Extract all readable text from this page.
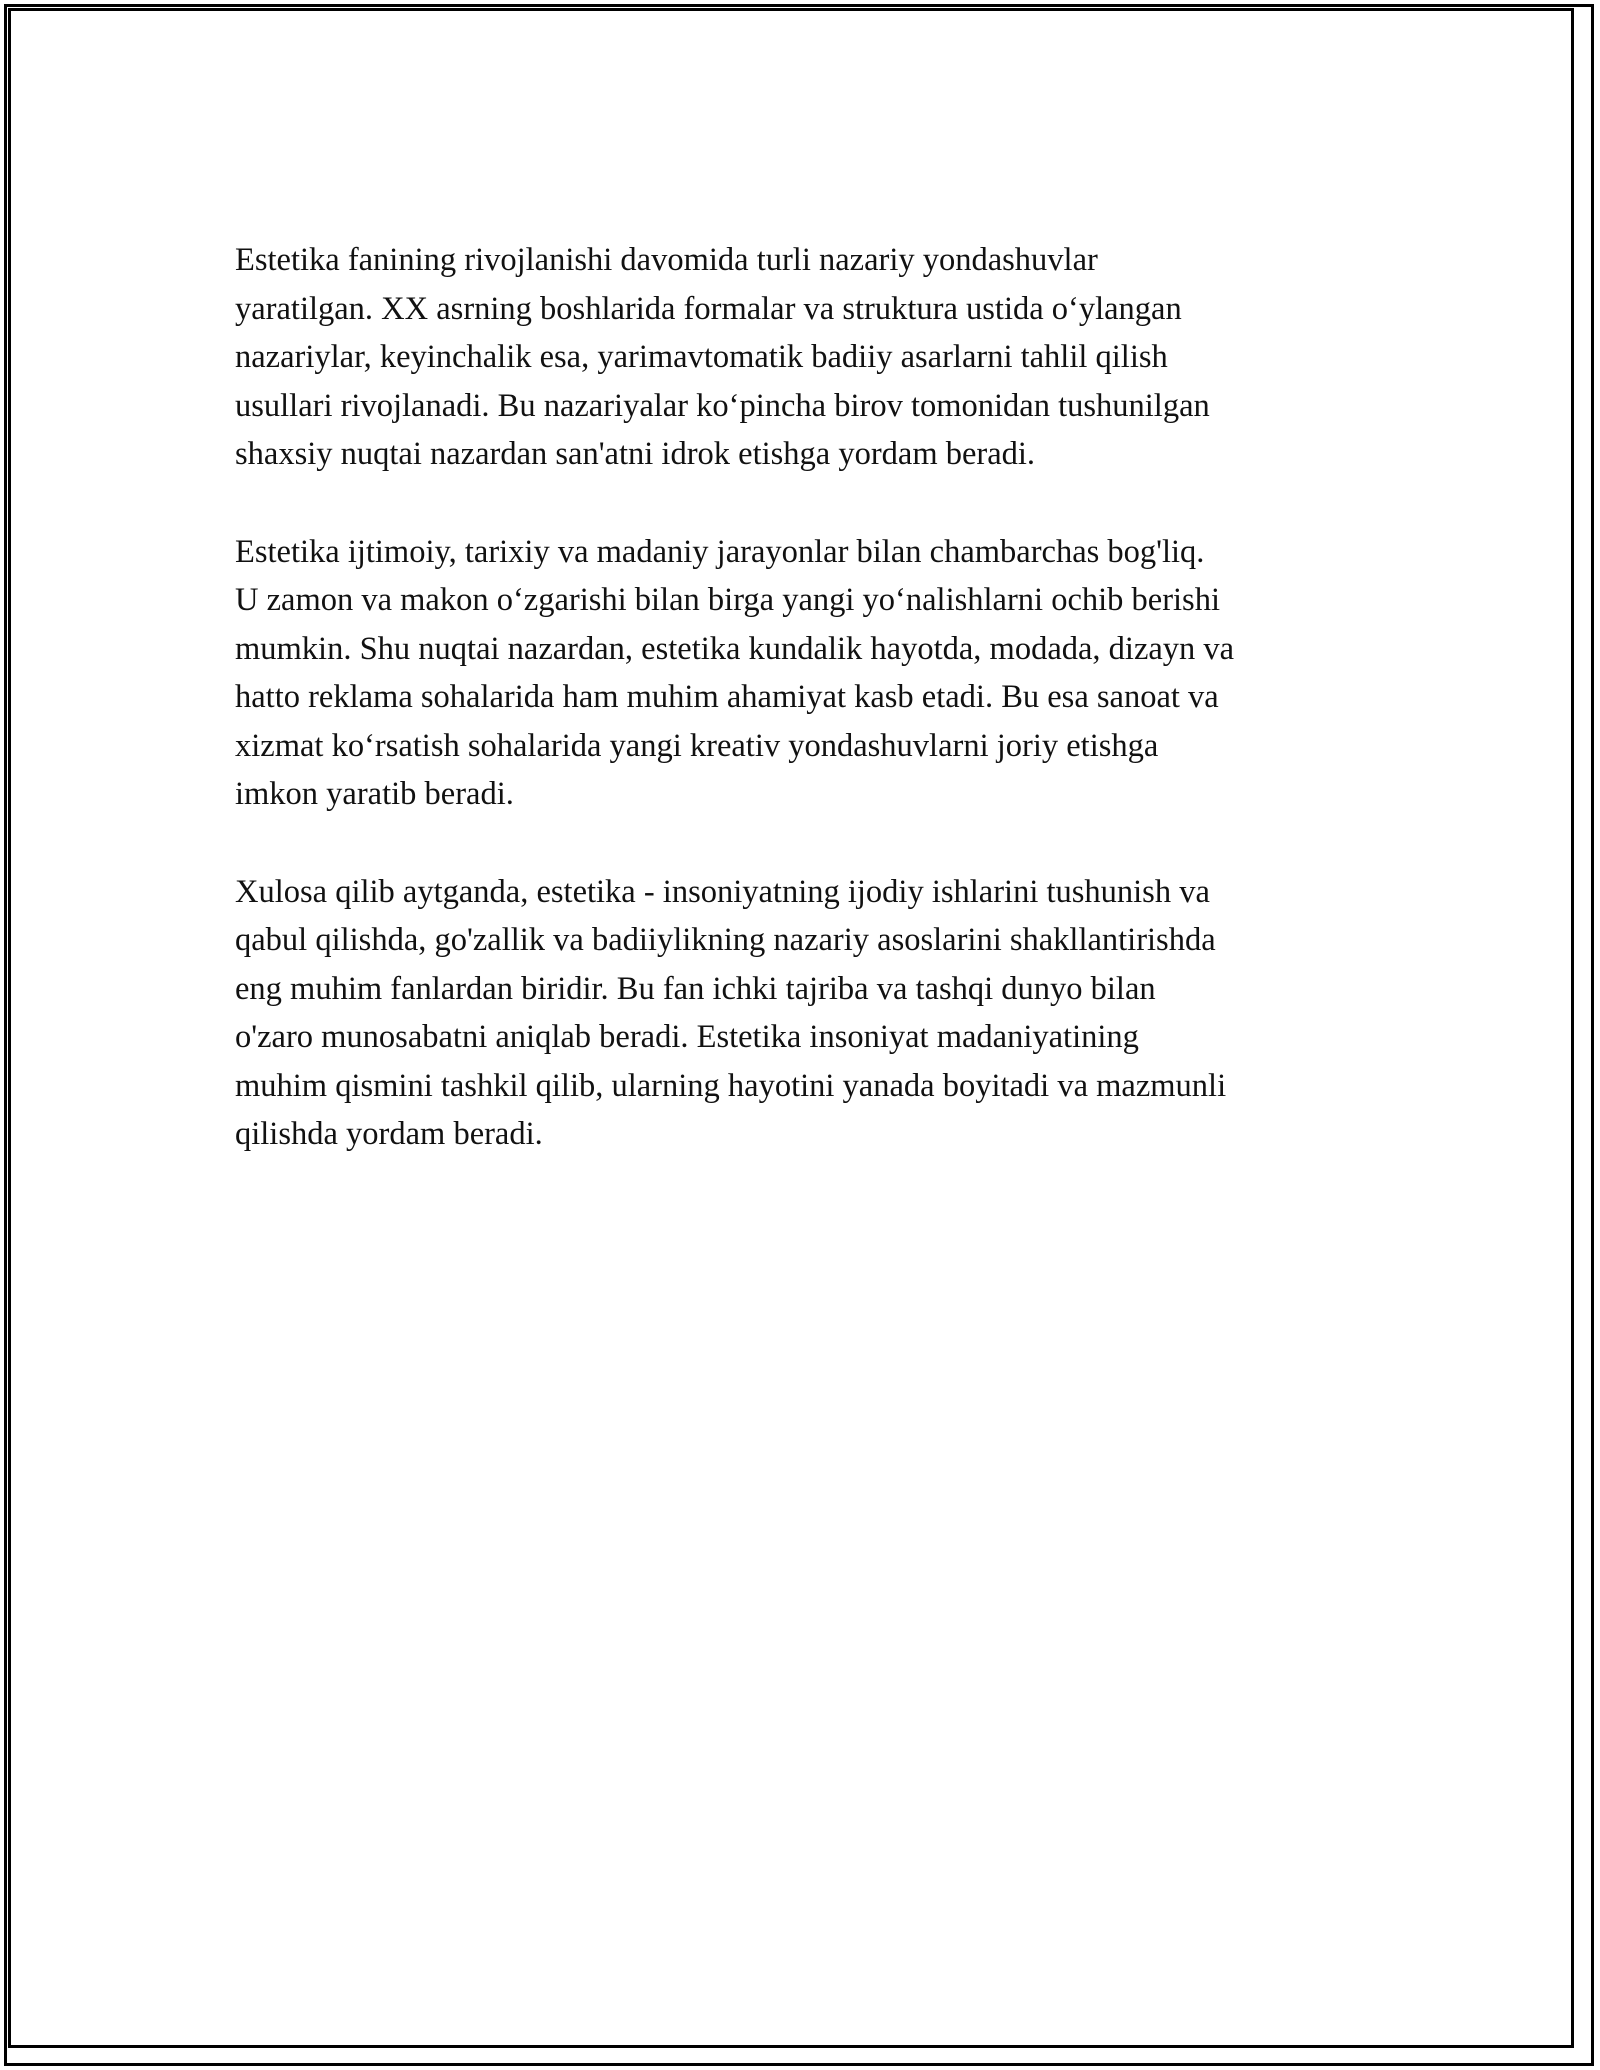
Estetika fanining rivojlanishi davomida turli nazariy yondashuvlar
yaratilgan. XX asrning boshlarida formalar va struktura ustida o‘ylangan
nazariylar, keyinchalik esa, yarimavtomatik badiiy asarlarni tahlil qilish
usullari rivojlanadi. Bu nazariyalar ko‘pincha birov tomonidan tushunilgan
shaxsiy nuqtai nazardan san'atni idrok etishga yordam beradi.

Estetika ijtimoiy, tarixiy va madaniy jarayonlar bilan chambarchas bog'liq.
U zamon va makon o‘zgarishi bilan birga yangi yo‘nalishlarni ochib berishi
mumkin. Shu nuqtai nazardan, estetika kundalik hayotda, modada, dizayn va
hatto reklama sohalarida ham muhim ahamiyat kasb etadi. Bu esa sanoat va
xizmat ko‘rsatish sohalarida yangi kreativ yondashuvlarni joriy etishga
imkon yaratib beradi.

Xulosa qilib aytganda, estetika - insoniyatning ijodiy ishlarini tushunish va
qabul qilishda, go'zallik va badiiylikning nazariy asoslarini shakllantirishda
eng muhim fanlardan biridir. Bu fan ichki tajriba va tashqi dunyo bilan
o'zaro munosabatni aniqlab beradi. Estetika insoniyat madaniyatining
muhim qismini tashkil qilib, ularning hayotini yanada boyitadi va mazmunli
qilishda yordam beradi.
